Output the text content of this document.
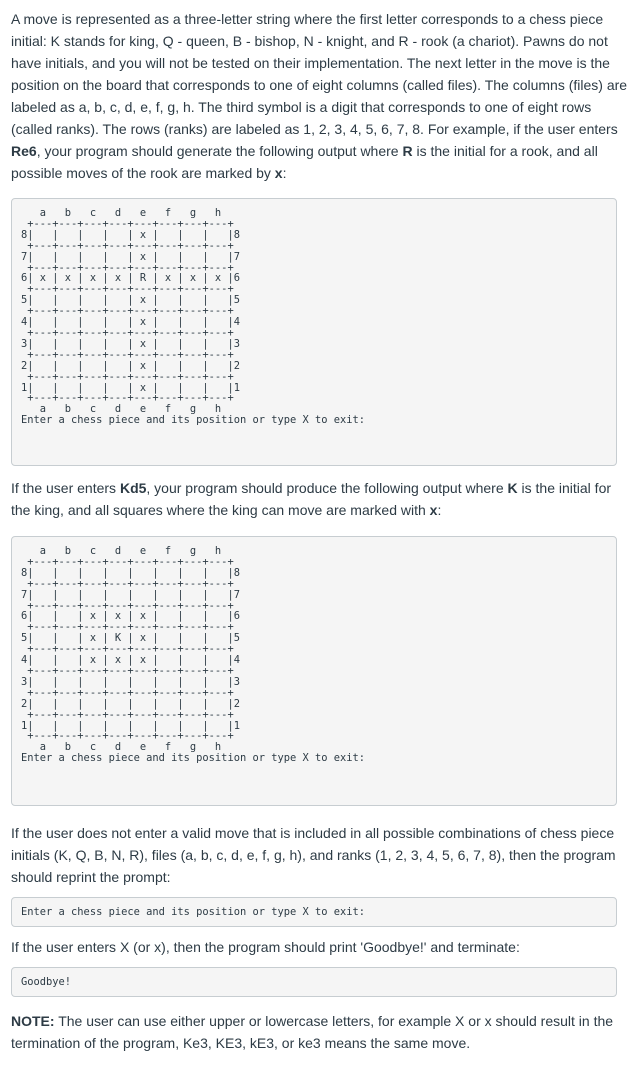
A move is represented as a three-letter string where the first letter corresponds to a chess piece initial: K stands for king, Q - queen, B - bishop, N - knight, and R - rook (a chariot). Pawns do not have initials, and you will not be tested on their implementation. The next letter in the move is the position on the board that corresponds to one of eight columns (called files). The columns (files) are labeled as a, b, c, d, e, f, g, h. The third symbol is a digit that corresponds to one of eight rows (called ranks). The rows (ranks) are labeled as 1, 2, 3, 4, 5, 6, 7, 8. For example, if the user enters Re6, your program should generate the following output where R is the initial for a rook, and all possible moves of the rook are marked by x:

a   b   c   d   e   f   g   h
+---+---+---+---+---+---+---+---+
8|   |   |   |   | x |   |   |   |8
+---+---+---+---+---+---+---+---+
7|   |   |   |   | x |   |   |   |7
+---+---+---+---+---+---+---+---+
6| x | x | x | x | R | x | x | x |6
+---+---+---+---+---+---+---+---+
5|   |   |   |   | x |   |   |   |5
+---+---+---+---+---+---+---+---+
4|   |   |   |   | x |   |   |   |4
+---+---+---+---+---+---+---+---+
3|   |   |   |   | x |   |   |   |3
+---+---+---+---+---+---+---+---+
2|   |   |   |   | x |   |   |   |2
+---+---+---+---+---+---+---+---+
1|   |   |   |   | x |   |   |   |1
+---+---+---+---+---+---+---+---+
a   b   c   d   e   f   g   h
Enter a chess piece and its position or type X to exit:

If the user enters Kd5, your program should produce the following output where K is the initial for the king, and all squares where the king can move are marked with x:

a   b   c   d   e   f   g   h
+---+---+---+---+---+---+---+---+
8|   |   |   |   |   |   |   |   |8
+---+---+---+---+---+---+---+---+
7|   |   |   |   |   |   |   |   |7
+---+---+---+---+---+---+---+---+
6|   |   | x | x | x |   |   |   |6
+---+---+---+---+---+---+---+---+
5|   |   | x | K | x |   |   |   |5
+---+---+---+---+---+---+---+---+
4|   |   | x | x | x |   |   |   |4
+---+---+---+---+---+---+---+---+
3|   |   |   |   |   |   |   |   |3
+---+---+---+---+---+---+---+---+
2|   |   |   |   |   |   |   |   |2
+---+---+---+---+---+---+---+---+
1|   |   |   |   |   |   |   |   |1
+---+---+---+---+---+---+---+---+
a   b   c   d   e   f   g   h
Enter a chess piece and its position or type X to exit:

If the user does not enter a valid move that is included in all possible combinations of chess piece initials (K, Q, B, N, R), files (a, b, c, d, e, f, g, h), and ranks (1, 2, 3, 4, 5, 6, 7, 8), then the program should reprint the prompt:

Enter a chess piece and its position or type X to exit:

If the user enters X (or x), then the program should print 'Goodbye!' and terminate:

Goodbye!

NOTE: The user can use either upper or lowercase letters, for example X or x should result in the termination of the program, Ke3, KE3, kE3, or ke3 means the same move.
